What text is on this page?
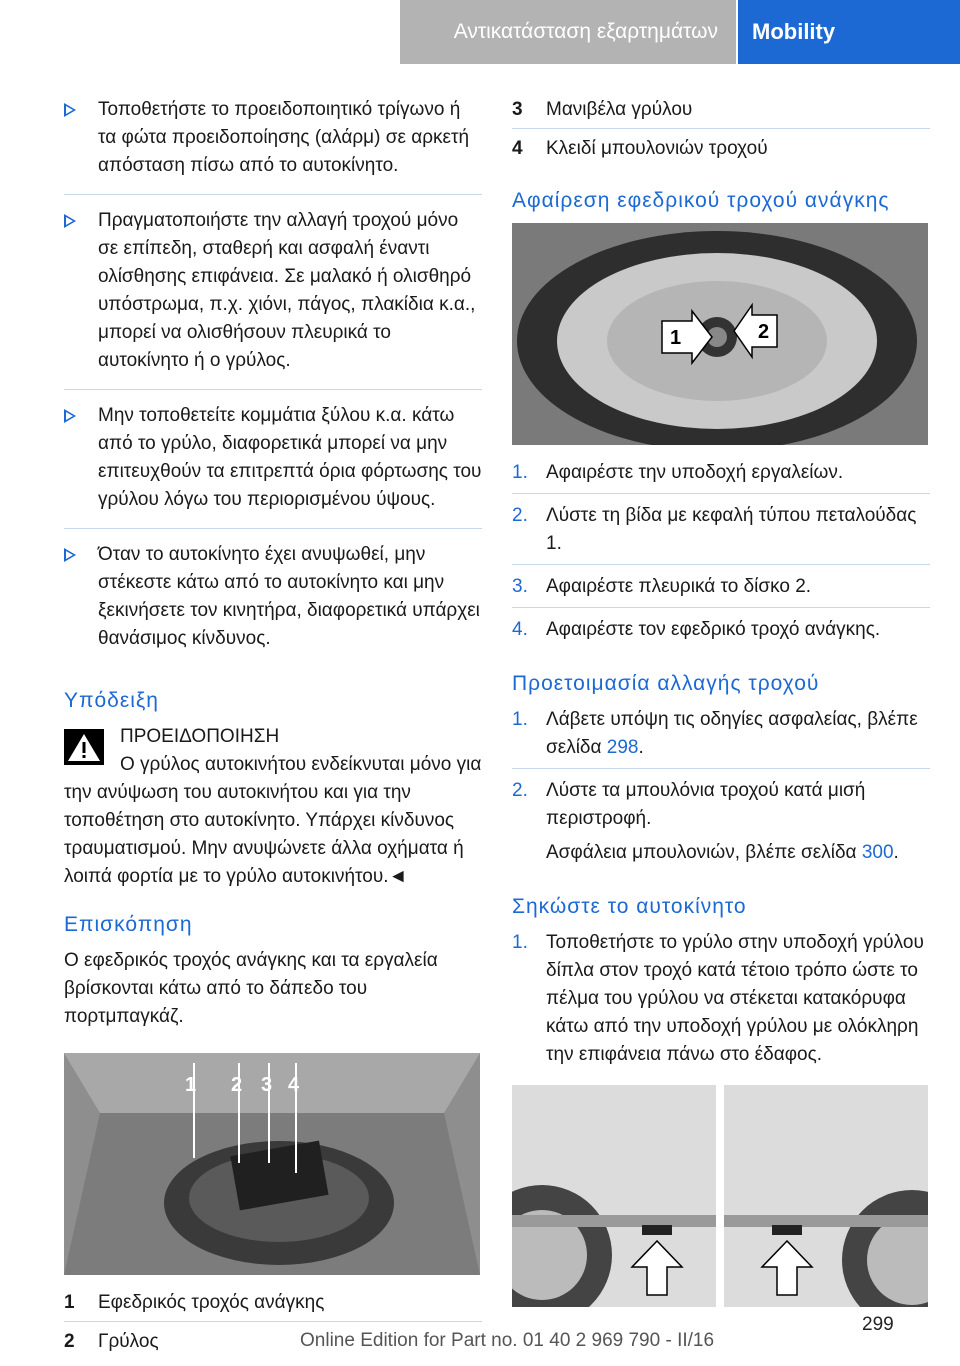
Αντικατάσταση εξαρτημάτων	Mobility
Τοποθετήστε το προειδοποιητικό τρίγωνο ή τα φώτα προειδοποίησης (αλάρμ) σε αρκετή απόσταση πίσω από το αυτοκίνητο.
Πραγματοποιήστε την αλλαγή τροχού μόνο σε επίπεδη, σταθερή και ασφαλή έναντι ολίσθησης επιφάνεια. Σε μαλακό ή ολισθηρό υπόστρωμα, π.χ. χιόνι, πάγος, πλακίδια κ.α., μπορεί να ολισθήσουν πλευρικά το αυτοκίνητο ή ο γρύλος.
Μην τοποθετείτε κομμάτια ξύλου κ.α. κάτω από το γρύλο, διαφορετικά μπορεί να μην επιτευχθούν τα επιτρεπτά όρια φόρτωσης του γρύλου λόγω του περιορισμένου ύψους.
Όταν το αυτοκίνητο έχει ανυψωθεί, μην στέκεστε κάτω από το αυτοκίνητο και μην ξεκινήσετε τον κινητήρα, διαφορετικά υπάρχει θανάσιμος κίνδυνος.
Υπόδειξη
ΠΡΟΕΙΔΟΠΟΙΗΣΗ

Ο γρύλος αυτοκινήτου ενδείκνυται μόνο για την ανύψωση του αυτοκινήτου και για την τοποθέτηση στο αυτοκίνητο. Υπάρχει κίνδυνος τραυματισμού. Μην ανυψώνετε άλλα οχήματα ή λοιπά φορτία με το γρύλο αυτοκινήτου.◄

Επισκόπηση

Ο εφεδρικός τροχός ανάγκης και τα εργαλεία βρίσκονται κάτω από το δάπεδο του πορτμπαγκάζ.

1 2 3 4
1 Εφεδρικός τροχός ανάγκης
2 Γρύλος
3 Μανιβέλα γρύλου
4 Κλειδί μπουλονιών τροχού
Αφαίρεση εφεδρικού τροχού ανάγκης
1	2
1. Αφαιρέστε την υποδοχή εργαλείων.
2. Λύστε τη βίδα με κεφαλή τύπου πεταλούδας 1.
3. Αφαιρέστε πλευρικά το δίσκο 2.
4. Αφαιρέστε τον εφεδρικό τροχό ανάγκης.
Προετοιμασία αλλαγής τροχού
1. Λάβετε υπόψη τις οδηγίες ασφαλείας, βλέπε σελίδα 298.
2. Λύστε τα μπουλόνια τροχού κατά μισή περιστροφή.
Ασφάλεια μπουλονιών, βλέπε σελίδα 300.
Σηκώστε το αυτοκίνητο
1. Τοποθετήστε το γρύλο στην υποδοχή γρύλου δίπλα στον τροχό κατά τέτοιο τρόπο ώστε το πέλμα του γρύλου να στέκεται κατακόρυφα κάτω από την υποδοχή γρύλου με ολόκληρη την επιφάνεια πάνω στο έδαφος.
Online Edition for Part no. 01 40 2 969 790 - II/16
299
